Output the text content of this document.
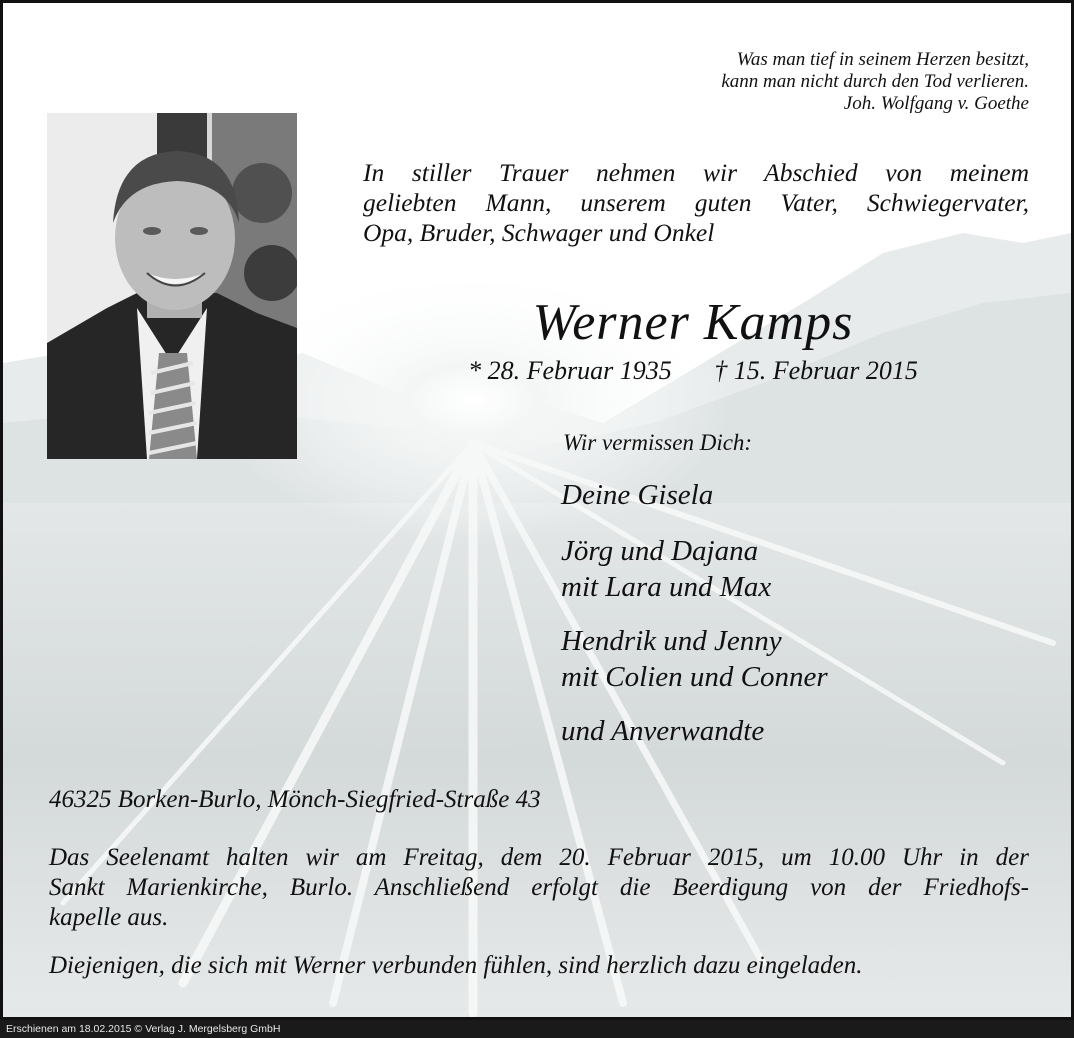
Was man tief in seinem Herzen besitzt,
kann man nicht durch den Tod verlieren.
Joh. Wolfgang v. Goethe
In stiller Trauer nehmen wir Abschied von meinem
geliebten Mann, unserem guten Vater, Schwiegervater,
Opa, Bruder, Schwager und Onkel
Werner Kamps
* 28. Februar 1935 † 15. Februar 2015
Wir vermissen Dich:
Deine Gisela
Jörg und Dajana
mit Lara und Max
Hendrik und Jenny
mit Colien und Conner
und Anverwandte
46325 Borken-Burlo, Mönch-Siegfried-Straße 43
Das Seelenamt halten wir am Freitag, dem 20. Februar 2015, um 10.00 Uhr in der
Sankt Marienkirche, Burlo. Anschließend erfolgt die Beerdigung von der Friedhofs-
kapelle aus.
Diejenigen, die sich mit Werner verbunden fühlen, sind herzlich dazu eingeladen.
Erschienen am 18.02.2015 © Verlag J. Mergelsberg GmbH
